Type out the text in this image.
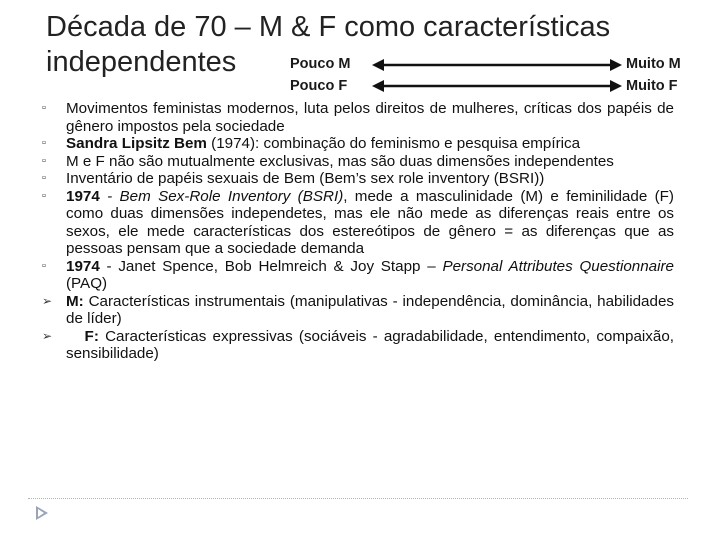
Década de 70 – M & F como características
independentes	Pouco M	Muito M
Pouco F	Muito F
▫	Movimentos feministas modernos, luta pelos direitos de mulheres, críticas dos papéis de gênero impostos pela sociedade
▫	Sandra Lipsitz Bem (1974): combinação do feminismo e pesquisa empírica
▫	M e F não são mutualmente exclusivas, mas são duas dimensões independentes
▫	Inventário de papéis sexuais de Bem (Bem’s sex role inventory (BSRI))
▫	1974 - Bem Sex-Role Inventory (BSRI), mede a masculinidade (M) e feminilidade (F) como duas dimensões independetes, mas ele não mede as diferenças reais entre os sexos, ele mede características dos estereótipos de gênero = as diferenças que as pessoas pensam que a sociedade demanda
▫	1974 - Janet Spence, Bob Helmreich & Joy Stapp – Personal Attributes Questionnaire (PAQ)
➢ M: Características instrumentais (manipulativas - independência, dominância, habilidades de líder)
➢	F: Características expressivas (sociáveis - agradabilidade, entendimento, compaixão, sensibilidade)
